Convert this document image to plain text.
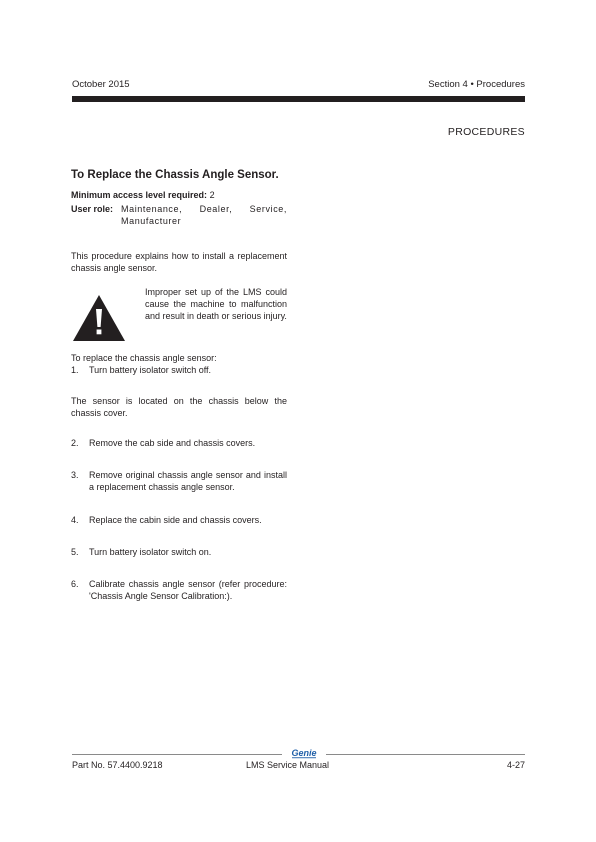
October 2015	Section 4 • Procedures
PROCEDURES
To Replace the Chassis Angle Sensor.
Minimum access level required: 2
User role: Maintenance, Dealer, Service, Manufacturer
This procedure explains how to install a replacement chassis angle sensor.
Improper set up of the LMS could cause the machine to malfunction and result in death or serious injury.
To replace the chassis angle sensor:
1.	Turn battery isolator switch off.
The sensor is located on the chassis below the chassis cover.
2.	Remove the cab side and chassis covers.
3.	Remove original chassis angle sensor and install a replacement chassis angle sensor.
4.	Replace the cabin side and chassis covers.
5.	Turn battery isolator switch on.
6.	Calibrate chassis angle sensor (refer procedure: 'Chassis Angle Sensor Calibration:).
Genie
Part No. 57.4400.9218	LMS Service Manual	4-27
